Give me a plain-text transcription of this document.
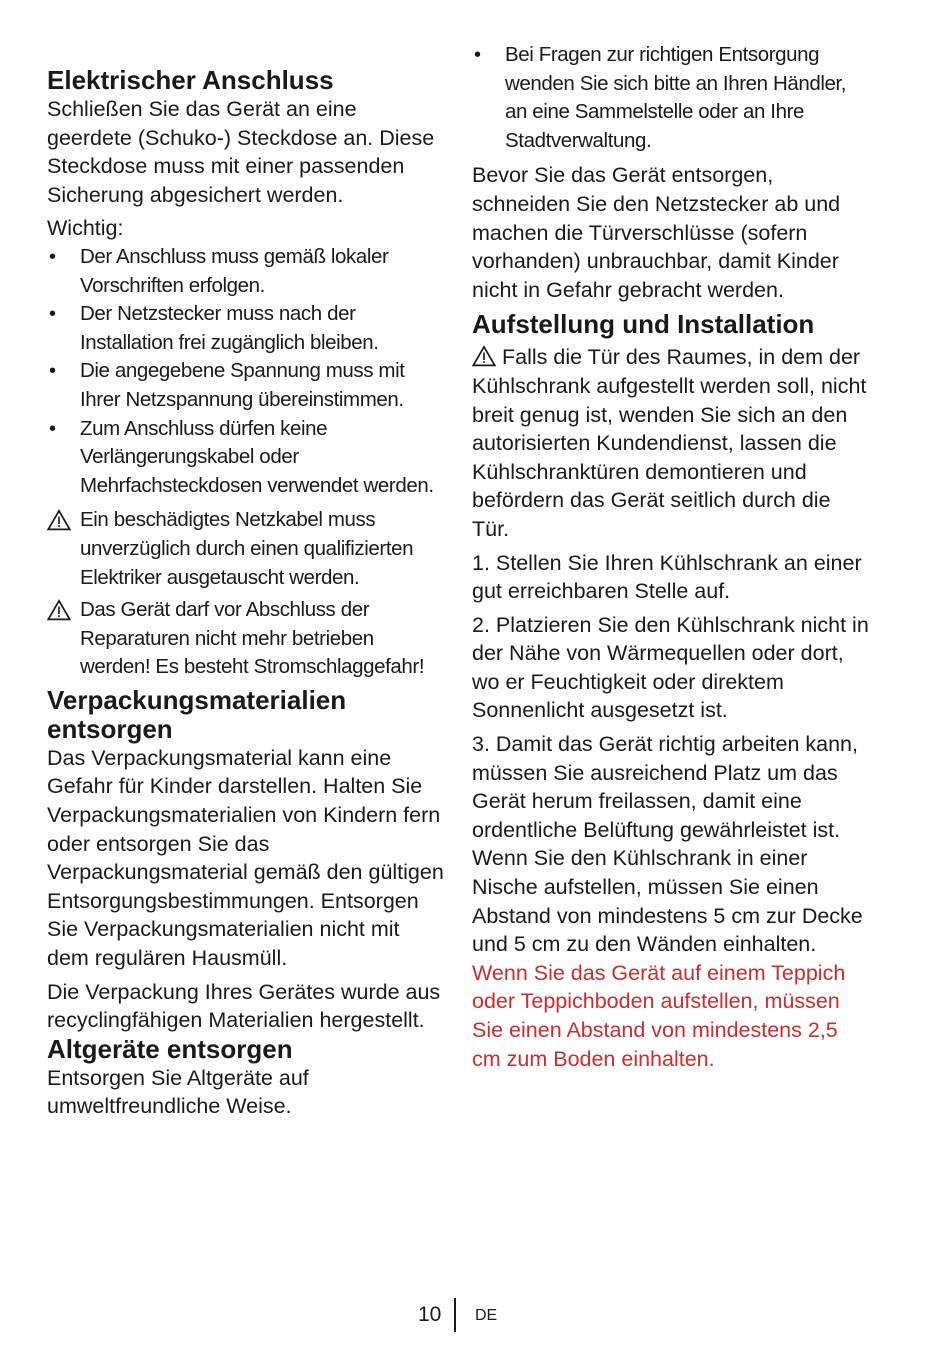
Elektrischer Anschluss

Schließen Sie das Gerät an eine geerdete (Schuko-) Steckdose an. Diese Steckdose muss mit einer passenden Sicherung abgesichert werden.

Wichtig:

• Der Anschluss muss gemäß lokaler Vorschriften erfolgen.
• Der Netzstecker muss nach der Installation frei zugänglich bleiben.
• Die angegebene Spannung muss mit Ihrer Netzspannung übereinstimmen.
• Zum Anschluss dürfen keine Verlängerungskabel oder Mehrfachsteckdosen verwendet werden.
Ein beschädigtes Netzkabel muss unverzüglich durch einen qualifizierten Elektriker ausgetauscht werden.
Das Gerät darf vor Abschluss der Reparaturen nicht mehr betrieben werden! Es besteht Stromschlaggefahr!
Verpackungsmaterialien entsorgen

Das Verpackungsmaterial kann eine Gefahr für Kinder darstellen. Halten Sie Verpackungsmaterialien von Kindern fern oder entsorgen Sie das Verpackungsmaterial gemäß den gültigen Entsorgungsbestimmungen. Entsorgen Sie Verpackungsmaterialien nicht mit dem regulären Hausmüll.

Die Verpackung Ihres Gerätes wurde aus recyclingfähigen Materialien hergestellt.

Altgeräte entsorgen

Entsorgen Sie Altgeräte auf umweltfreundliche Weise.

• Bei Fragen zur richtigen Entsorgung wenden Sie sich bitte an Ihren Händler, an eine Sammelstelle oder an Ihre Stadtverwaltung.

Bevor Sie das Gerät entsorgen, schneiden Sie den Netzstecker ab und machen die Türverschlüsse (sofern vorhanden) unbrauchbar, damit Kinder nicht in Gefahr gebracht werden.

Aufstellung und Installation

Falls die Tür des Raumes, in dem der Kühlschrank aufgestellt werden soll, nicht breit genug ist, wenden Sie sich an den autorisierten Kundendienst, lassen die Kühlschranktüren demontieren und befördern das Gerät seitlich durch die Tür.

1. Stellen Sie Ihren Kühlschrank an einer gut erreichbaren Stelle auf.

2. Platzieren Sie den Kühlschrank nicht in der Nähe von Wärmequellen oder dort, wo er Feuchtigkeit oder direktem Sonnenlicht ausgesetzt ist.

3. Damit das Gerät richtig arbeiten kann, müssen Sie ausreichend Platz um das Gerät herum freilassen, damit eine ordentliche Belüftung gewährleistet ist. Wenn Sie den Kühlschrank in einer Nische aufstellen, müssen Sie einen Abstand von mindestens 5 cm zur Decke und 5 cm zu den Wänden einhalten. Wenn Sie das Gerät auf einem Teppich oder Teppichboden aufstellen, müssen Sie einen Abstand von mindestens 2,5 cm zum Boden einhalten.

10 DE
